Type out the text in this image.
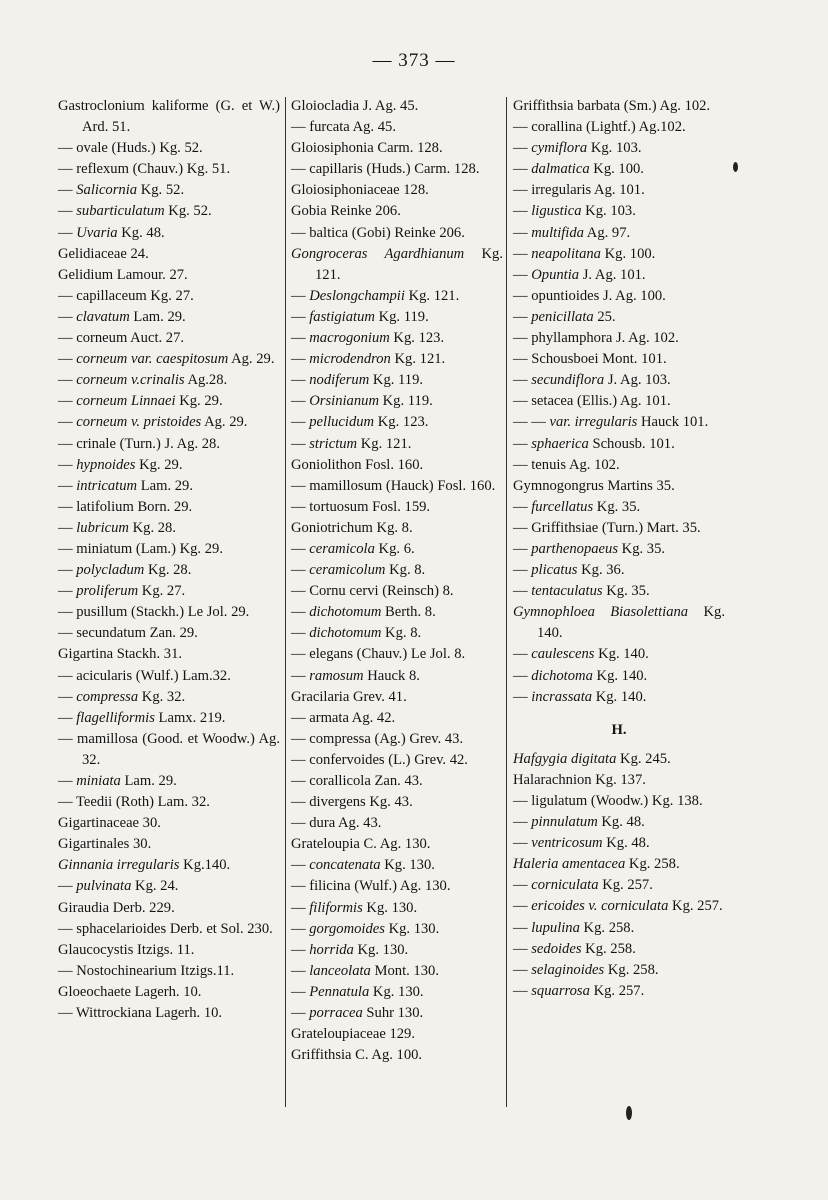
— 373 —
Gastroclonium kaliforme (G. et W.) Ard. 51.
— ovale (Huds.) Kg. 52.
— reflexum (Chauv.) Kg. 51.
— Salicornia Kg. 52.
— subarticulatum Kg. 52.
— Uvaria Kg. 48.
Gelidiaceae 24.
Gelidium Lamour. 27.
— capillaceum Kg. 27.
— clavatum Lam. 29.
— corneum Auct. 27.
— corneum var. caespitosum Ag. 29.
— corneum v.crinalis Ag.28.
— corneum Linnaei Kg. 29.
— corneum v. pristoides Ag. 29.
— crinale (Turn.) J. Ag. 28.
— hypnoides Kg. 29.
— intricatum Lam. 29.
— latifolium Born. 29.
— lubricum Kg. 28.
— miniatum (Lam.) Kg. 29.
— polycladum Kg. 28.
— proliferum Kg. 27.
— pusillum (Stackh.) Le Jol. 29.
— secundatum Zan. 29.
Gigartina Stackh. 31.
— acicularis (Wulf.) Lam.32.
— compressa Kg. 32.
— flagelliformis Lamx. 219.
— mamillosa (Good. et Woodw.) Ag. 32.
— miniata Lam. 29.
— Teedii (Roth) Lam. 32.
Gigartinaceae 30.
Gigartinales 30.
Ginnania irregularis Kg.140.
— pulvinata Kg. 24.
Giraudia Derb. 229.
— sphacelarioides Derb. et Sol. 230.
Glaucocystis Itzigs. 11.
— Nostochinearium Itzigs.11.
Gloeochaete Lagerh. 10.
— Wittrockiana Lagerh. 10.
Gloiocladia J. Ag. 45.
— furcata Ag. 45.
Gloiosiphonia Carm. 128.
— capillaris (Huds.) Carm. 128.
Gloiosiphoniaceae 128.
Gobia Reinke 206.
— baltica (Gobi) Reinke 206.
Gongroceras Agardhianum Kg. 121.
— Deslongchampii Kg. 121.
— fastigiatum Kg. 119.
— macrogonium Kg. 123.
— microdendron Kg. 121.
— nodiferum Kg. 119.
— Orsinianum Kg. 119.
— pellucidum Kg. 123.
— strictum Kg. 121.
Goniolithon Fosl. 160.
— mamillosum (Hauck) Fosl. 160.
— tortuosum Fosl. 159.
Goniotrichum Kg. 8.
— ceramicola Kg. 6.
— ceramicolum Kg. 8.
— Cornu cervi (Reinsch) 8.
— dichotomum Berth. 8.
— dichotomum Kg. 8.
— elegans (Chauv.) Le Jol. 8.
— ramosum Hauck 8.
Gracilaria Grev. 41.
— armata Ag. 42.
— compressa (Ag.) Grev. 43.
— confervoides (L.) Grev. 42.
— corallicola Zan. 43.
— divergens Kg. 43.
— dura Ag. 43.
Grateloupia C. Ag. 130.
— concatenata Kg. 130.
— filicina (Wulf.) Ag. 130.
— filiformis Kg. 130.
— gorgomoides Kg. 130.
— horrida Kg. 130.
— lanceolata Mont. 130.
— Pennatula Kg. 130.
— porracea Suhr 130.
Grateloupiaceae 129.
Griffithsia C. Ag. 100.
Griffithsia barbata (Sm.) Ag. 102.
— corallina (Lightf.) Ag.102.
— cymiflora Kg. 103.
— dalmatica Kg. 100.
— irregularis Ag. 101.
— ligustica Kg. 103.
— multifida Ag. 97.
— neapolitana Kg. 100.
— Opuntia J. Ag. 101.
— opuntioides J. Ag. 100.
— penicillata 25.
— phyllamphora J. Ag. 102.
— Schousboei Mont. 101.
— secundiflora J. Ag. 103.
— setacea (Ellis.) Ag. 101.
— — var. irregularis Hauck 101.
— sphaerica Schousb. 101.
— tenuis Ag. 102.
Gymnogongrus Martins 35.
— furcellatus Kg. 35.
— Griffithsiae (Turn.) Mart. 35.
— parthenopaeus Kg. 35.
— plicatus Kg. 36.
— tentaculatus Kg. 35.
Gymnophloea Biasolettiana Kg. 140.
— caulescens Kg. 140.
— dichotoma Kg. 140.
— incrassata Kg. 140.
H.
Hafgygia digitata Kg. 245.
Halarachnion Kg. 137.
— ligulatum (Woodw.) Kg. 138.
— pinnulatum Kg. 48.
— ventricosum Kg. 48.
Haleria amentacea Kg. 258.
— corniculata Kg. 257.
— ericoides v. corniculata Kg. 257.
— lupulina Kg. 258.
— sedoides Kg. 258.
— selaginoides Kg. 258.
— squarrosa Kg. 257.
